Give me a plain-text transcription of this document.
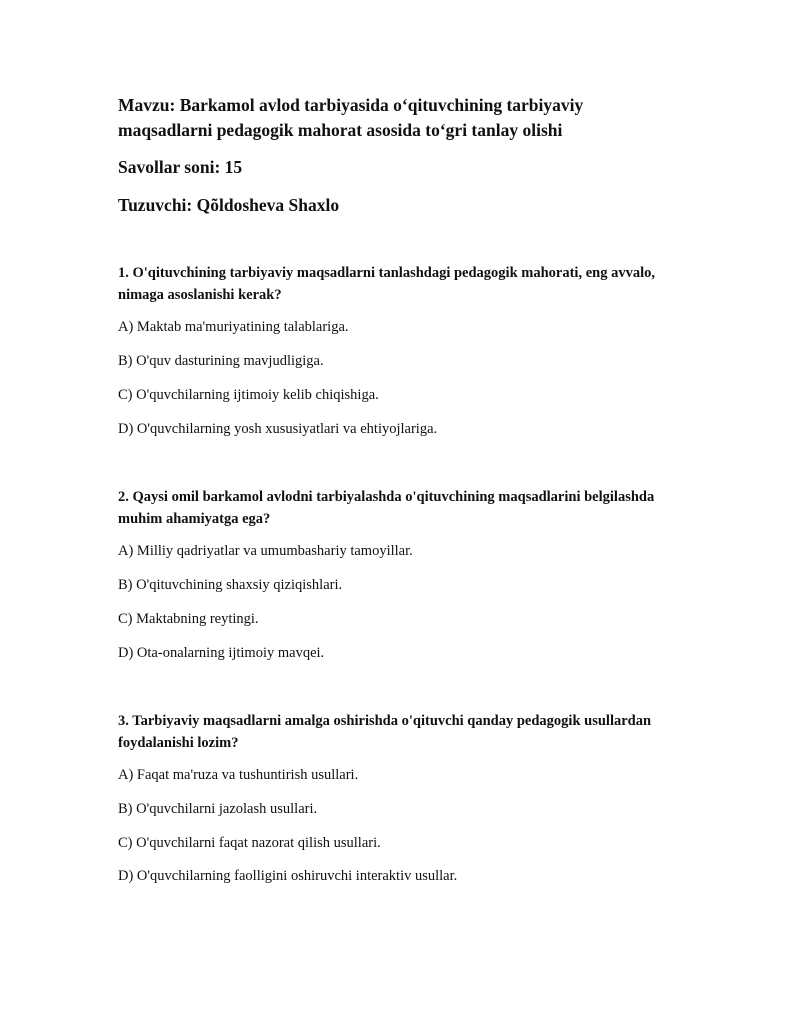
Mavzu: Barkamol avlod tarbiyasida o‘qituvchining tarbiyaviy maqsadlarni pedagogik mahorat asosida to‘gri tanlay olishi

Savollar soni: 15

Tuzuvchi: Qõldosheva Shaxlo

1. O'qituvchining tarbiyaviy maqsadlarni tanlashdagi pedagogik mahorati, eng avvalo, nimaga asoslanishi kerak?

A) Maktab ma'muriyatining talablariga.

B) O'quv dasturining mavjudligiga.

C) O'quvchilarning ijtimoiy kelib chiqishiga.

D) O'quvchilarning yosh xususiyatlari va ehtiyojlariga.

2. Qaysi omil barkamol avlodni tarbiyalashda o'qituvchining maqsadlarini belgilashda muhim ahamiyatga ega?

A) Milliy qadriyatlar va umumbashariy tamoyillar.

B) O'qituvchining shaxsiy qiziqishlari.

C) Maktabning reytingi.

D) Ota-onalarning ijtimoiy mavqei.

3. Tarbiyaviy maqsadlarni amalga oshirishda o'qituvchi qanday pedagogik usullardan foydalanishi lozim?

A) Faqat ma'ruza va tushuntirish usullari.

B) O'quvchilarni jazolash usullari.

C) O'quvchilarni faqat nazorat qilish usullari.

D) O'quvchilarning faolligini oshiruvchi interaktiv usullar.
